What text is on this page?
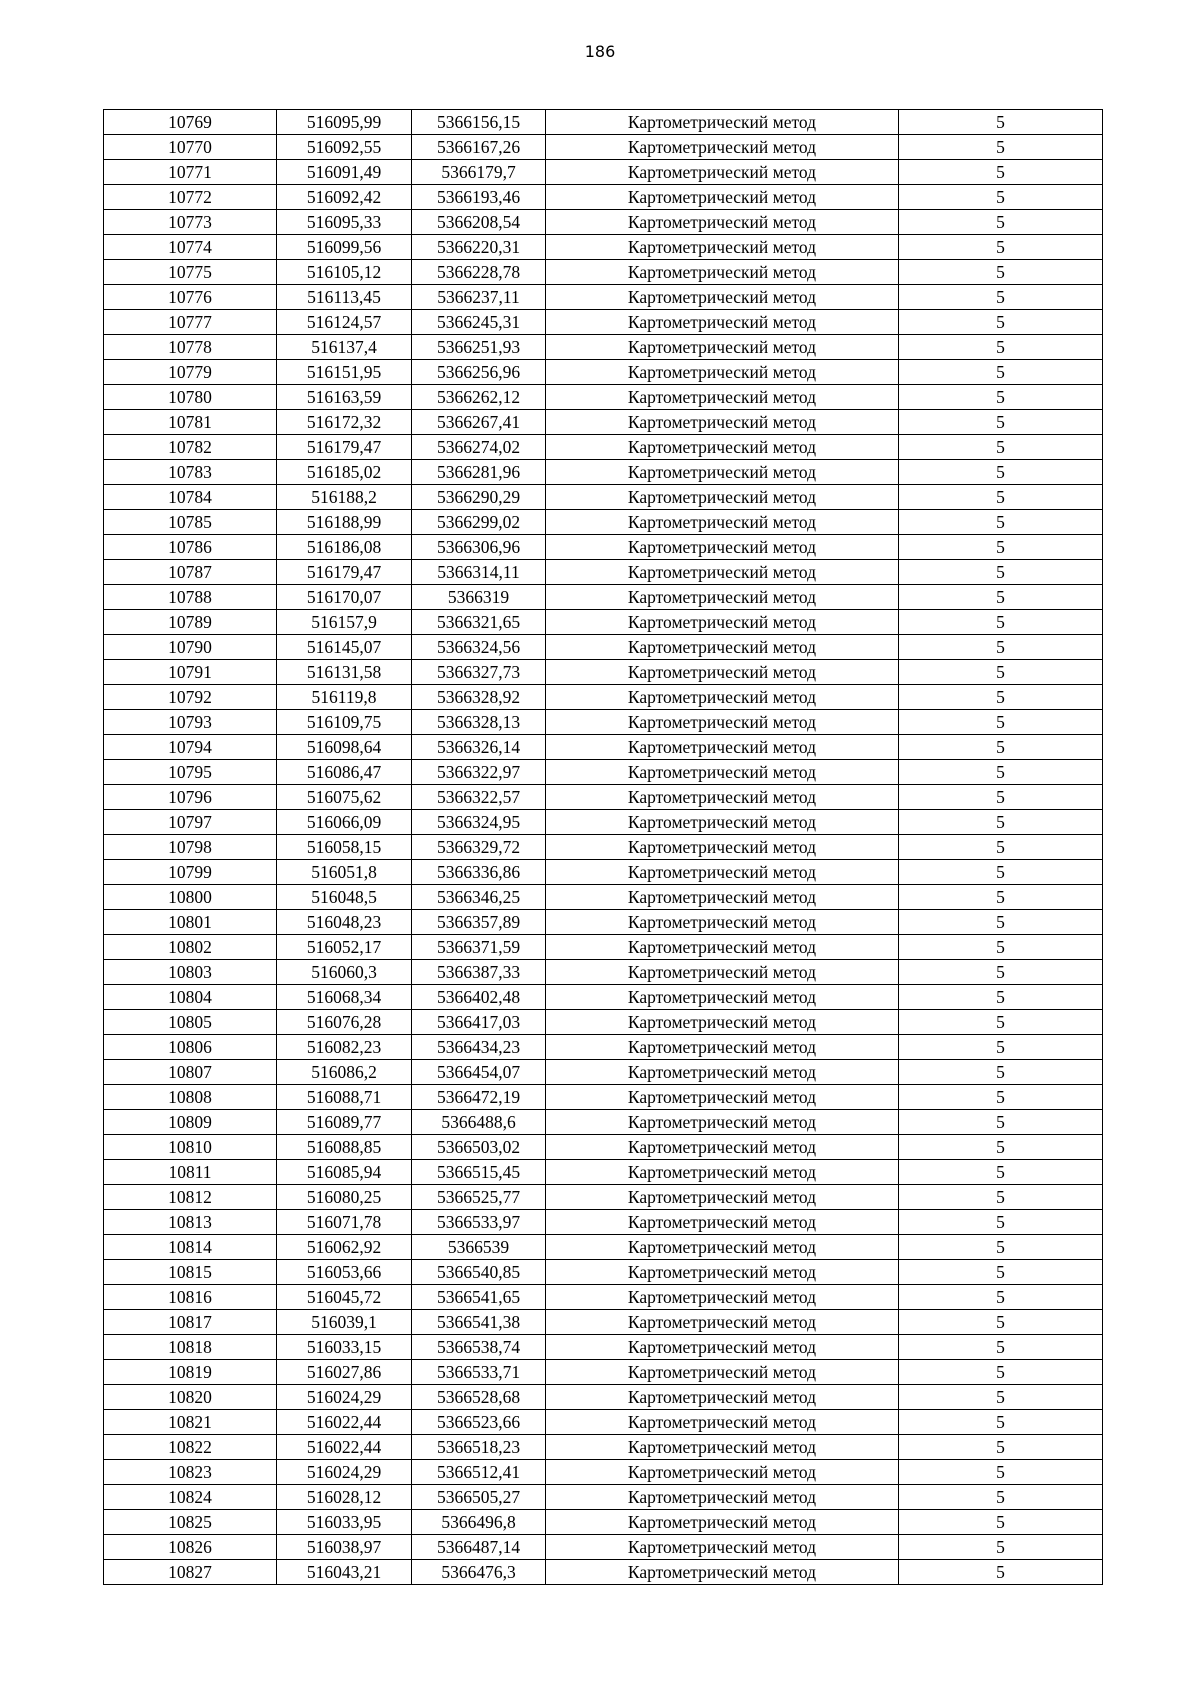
186
10769	516095,99	5366156,15	Картометрический метод	5
10770	516092,55	5366167,26	Картометрический метод	5
10771	516091,49	5366179,7	Картометрический метод	5
10772	516092,42	5366193,46	Картометрический метод	5
10773	516095,33	5366208,54	Картометрический метод	5
10774	516099,56	5366220,31	Картометрический метод	5
10775	516105,12	5366228,78	Картометрический метод	5
10776	516113,45	5366237,11	Картометрический метод	5
10777	516124,57	5366245,31	Картометрический метод	5
10778	516137,4	5366251,93	Картометрический метод	5
10779	516151,95	5366256,96	Картометрический метод	5
10780	516163,59	5366262,12	Картометрический метод	5
10781	516172,32	5366267,41	Картометрический метод	5
10782	516179,47	5366274,02	Картометрический метод	5
10783	516185,02	5366281,96	Картометрический метод	5
10784	516188,2	5366290,29	Картометрический метод	5
10785	516188,99	5366299,02	Картометрический метод	5
10786	516186,08	5366306,96	Картометрический метод	5
10787	516179,47	5366314,11	Картометрический метод	5
10788	516170,07	5366319	Картометрический метод	5
10789	516157,9	5366321,65	Картометрический метод	5
10790	516145,07	5366324,56	Картометрический метод	5
10791	516131,58	5366327,73	Картометрический метод	5
10792	516119,8	5366328,92	Картометрический метод	5
10793	516109,75	5366328,13	Картометрический метод	5
10794	516098,64	5366326,14	Картометрический метод	5
10795	516086,47	5366322,97	Картометрический метод	5
10796	516075,62	5366322,57	Картометрический метод	5
10797	516066,09	5366324,95	Картометрический метод	5
10798	516058,15	5366329,72	Картометрический метод	5
10799	516051,8	5366336,86	Картометрический метод	5
10800	516048,5	5366346,25	Картометрический метод	5
10801	516048,23	5366357,89	Картометрический метод	5
10802	516052,17	5366371,59	Картометрический метод	5
10803	516060,3	5366387,33	Картометрический метод	5
10804	516068,34	5366402,48	Картометрический метод	5
10805	516076,28	5366417,03	Картометрический метод	5
10806	516082,23	5366434,23	Картометрический метод	5
10807	516086,2	5366454,07	Картометрический метод	5
10808	516088,71	5366472,19	Картометрический метод	5
10809	516089,77	5366488,6	Картометрический метод	5
10810	516088,85	5366503,02	Картометрический метод	5
10811	516085,94	5366515,45	Картометрический метод	5
10812	516080,25	5366525,77	Картометрический метод	5
10813	516071,78	5366533,97	Картометрический метод	5
10814	516062,92	5366539	Картометрический метод	5
10815	516053,66	5366540,85	Картометрический метод	5
10816	516045,72	5366541,65	Картометрический метод	5
10817	516039,1	5366541,38	Картометрический метод	5
10818	516033,15	5366538,74	Картометрический метод	5
10819	516027,86	5366533,71	Картометрический метод	5
10820	516024,29	5366528,68	Картометрический метод	5
10821	516022,44	5366523,66	Картометрический метод	5
10822	516022,44	5366518,23	Картометрический метод	5
10823	516024,29	5366512,41	Картометрический метод	5
10824	516028,12	5366505,27	Картометрический метод	5
10825	516033,95	5366496,8	Картометрический метод	5
10826	516038,97	5366487,14	Картометрический метод	5
10827	516043,21	5366476,3	Картометрический метод	5
